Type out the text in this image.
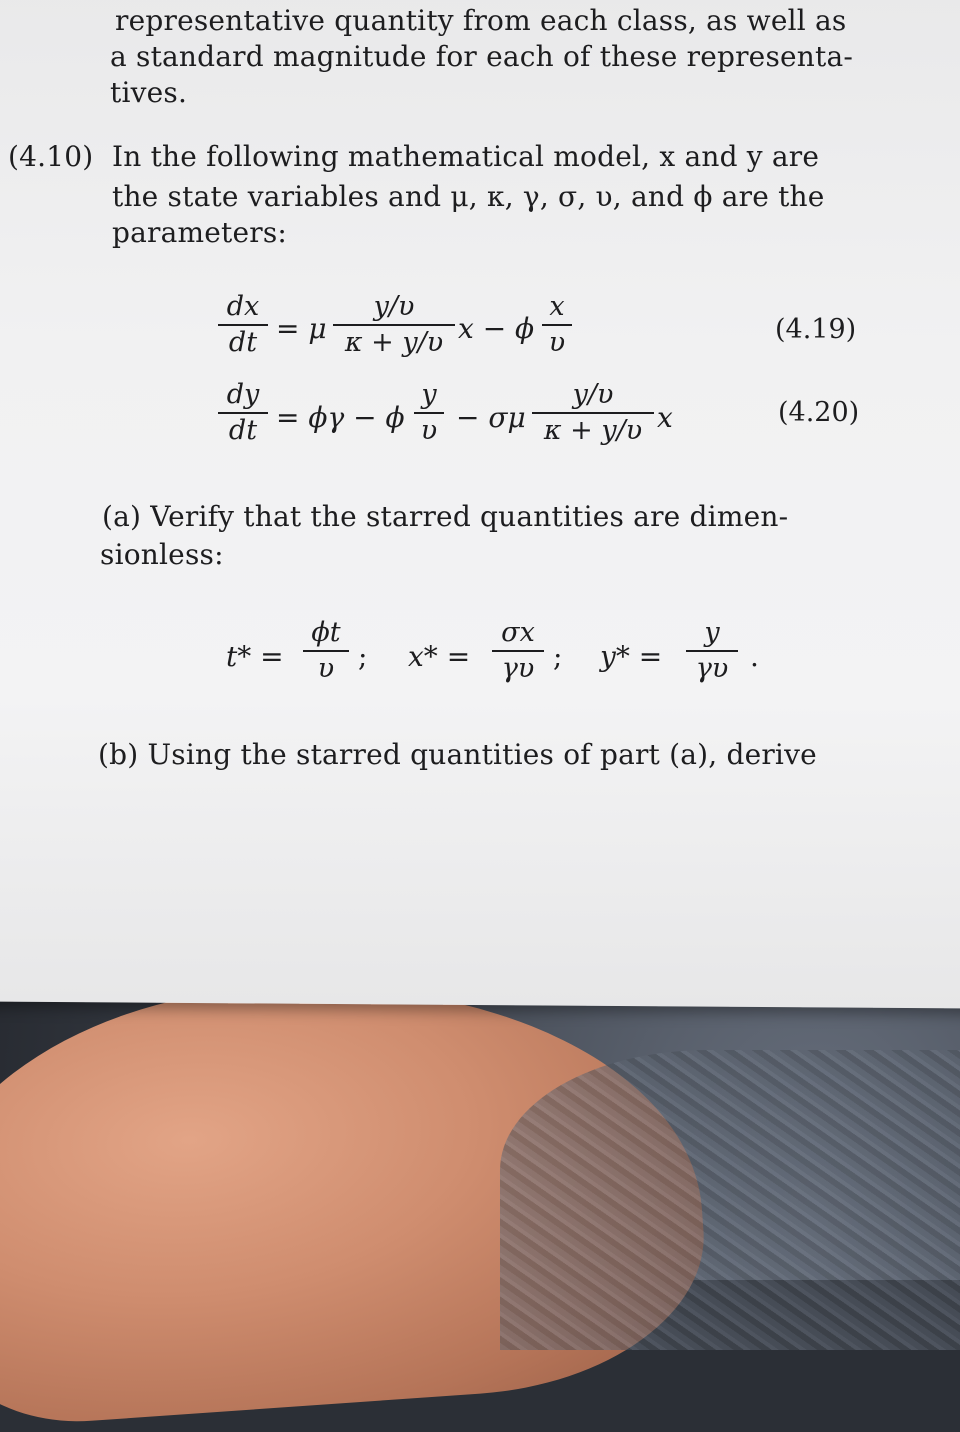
representative quantity from each class, as well as
a standard magnitude for each of these representa-
tives.
(4.10) In the following mathematical model, x and y are
the state variables and μ, κ, γ, σ, υ, and ϕ are the
parameters:
dx
dt = μ
y/υ
κ + y/υ x − ϕ
x
υ	(4.19)
dy
dt = ϕγ − ϕ
y
υ − σμ
y/υ
κ + y/υ x	(4.20)
(a) Verify that the starred quantities are dimen-
sionless:
t* =
ϕt
υ ; x* =
σx
γυ ; y* =
y
γυ .
(b) Using the starred quantities of part (a), derive
